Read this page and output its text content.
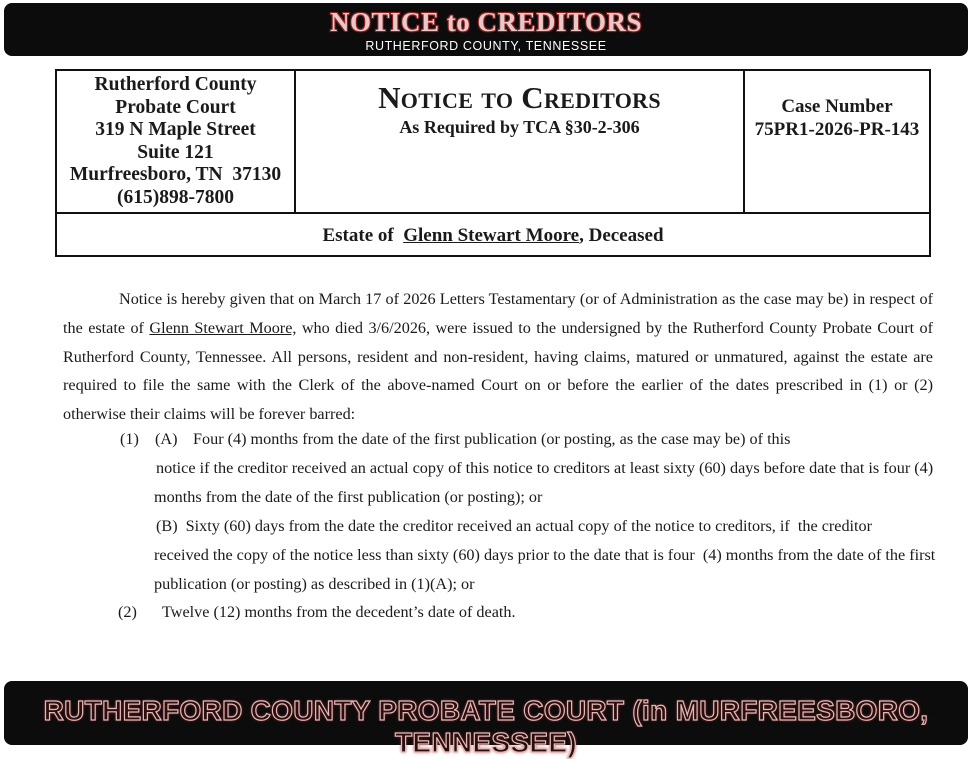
NOTICE to CREDITORS
RUTHERFORD COUNTY, TENNESSEE
Rutherford County
Probate Court
319 N Maple Street
Suite 121
Murfreesboro, TN  37130
(615)898-7800
Notice to Creditors
As Required by TCA §30-2-306
Case Number
75PR1-2026-PR-143
Estate of Glenn Stewart Moore, Deceased
Notice is hereby given that on March 17 of 2026 Letters Testamentary (or of Administration as the case may be) in respect of the estate of Glenn Stewart Moore, who died 3/6/2026, were issued to the undersigned by the Rutherford County Probate Court of Rutherford County, Tennessee. All persons, resident and non-resident, having claims, matured or unmatured, against the estate are required to file the same with the Clerk of the above-named Court on or before the earlier of the dates prescribed in (1) or (2) otherwise their claims will be forever barred:
(1) (A) Four (4) months from the date of the first publication (or posting, as the case may be) of this
notice if the creditor received an actual copy of this notice to creditors at least sixty (60) days before date that is four (4)
months from the date of the first publication (or posting); or
(B)  Sixty (60) days from the date the creditor received an actual copy of the notice to creditors, if  the creditor
received the copy of the notice less than sixty (60) days prior to the date that is four  (4) months from the date of the first
publication (or posting) as described in (1)(A); or
(2) Twelve (12) months from the decedent’s date of death.
RUTHERFORD COUNTY PROBATE COURT (in MURFREESBORO, TENNESSEE)
